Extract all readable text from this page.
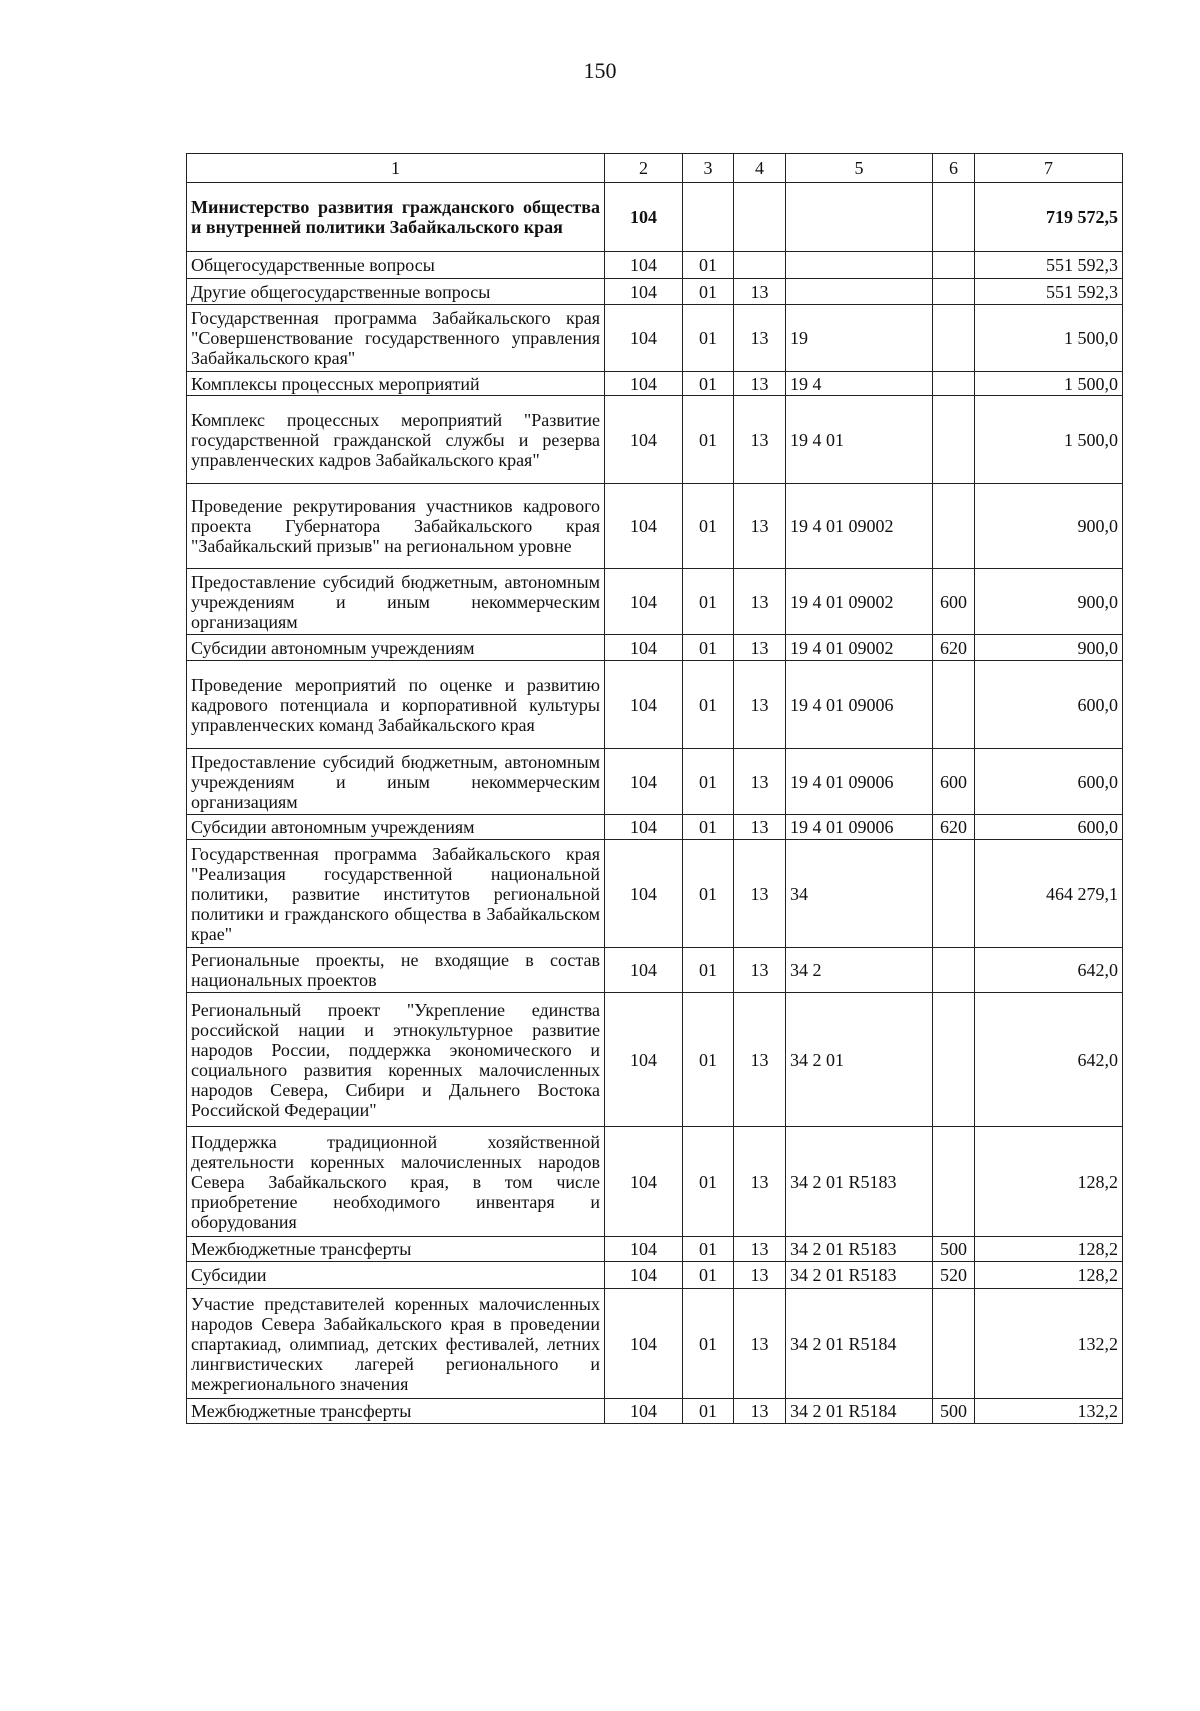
150
1	2	3	4	5	6	7
Министерство развития гражданского общества и внутренней политики Забайкальского края	104					719 572,5
Общегосударственные вопросы	104	01				551 592,3
Другие общегосударственные вопросы	104	01	13			551 592,3
Государственная программа Забайкальского края "Совершенствование государственного управления Забайкальского края"	104	01	13	19		1 500,0
Комплексы процессных мероприятий	104	01	13	19 4		1 500,0
Комплекс процессных мероприятий "Развитие государственной гражданской службы и резерва управленческих кадров Забайкальского края"	104	01	13	19 4 01		1 500,0
Проведение рекрутирования участников кадрового проекта Губернатора Забайкальского края "Забайкальский призыв" на региональном уровне	104	01	13	19 4 01 09002		900,0
Предоставление субсидий бюджетным, автономным учреждениям и иным некоммерческим организациям	104	01	13	19 4 01 09002	600	900,0
Субсидии автономным учреждениям	104	01	13	19 4 01 09002	620	900,0
Проведение мероприятий по оценке и развитию кадрового потенциала и корпоративной культуры управленческих команд Забайкальского края	104	01	13	19 4 01 09006		600,0
Предоставление субсидий бюджетным, автономным учреждениям и иным некоммерческим организациям	104	01	13	19 4 01 09006	600	600,0
Субсидии автономным учреждениям	104	01	13	19 4 01 09006	620	600,0
Государственная программа Забайкальского края "Реализация государственной национальной политики, развитие институтов региональной политики и гражданского общества в Забайкальском крае"	104	01	13	34		464 279,1
Региональные проекты, не входящие в состав национальных проектов	104	01	13	34 2		642,0
Региональный проект "Укрепление единства российской нации и этнокультурное развитие народов России, поддержка экономического и социального развития коренных малочисленных народов Севера, Сибири и Дальнего Востока Российской Федерации"	104	01	13	34 2 01		642,0
Поддержка традиционной хозяйственной деятельности коренных малочисленных народов Севера Забайкальского края, в том числе приобретение необходимого инвентаря и оборудования	104	01	13	34 2 01 R5183		128,2
Межбюджетные трансферты	104	01	13	34 2 01 R5183	500	128,2
Субсидии	104	01	13	34 2 01 R5183	520	128,2
Участие представителей коренных малочисленных народов Севера Забайкальского края в проведении спартакиад, олимпиад, детских фестивалей, летних лингвистических лагерей регионального и межрегионального значения	104	01	13	34 2 01 R5184		132,2
Межбюджетные трансферты	104	01	13	34 2 01 R5184	500	132,2
